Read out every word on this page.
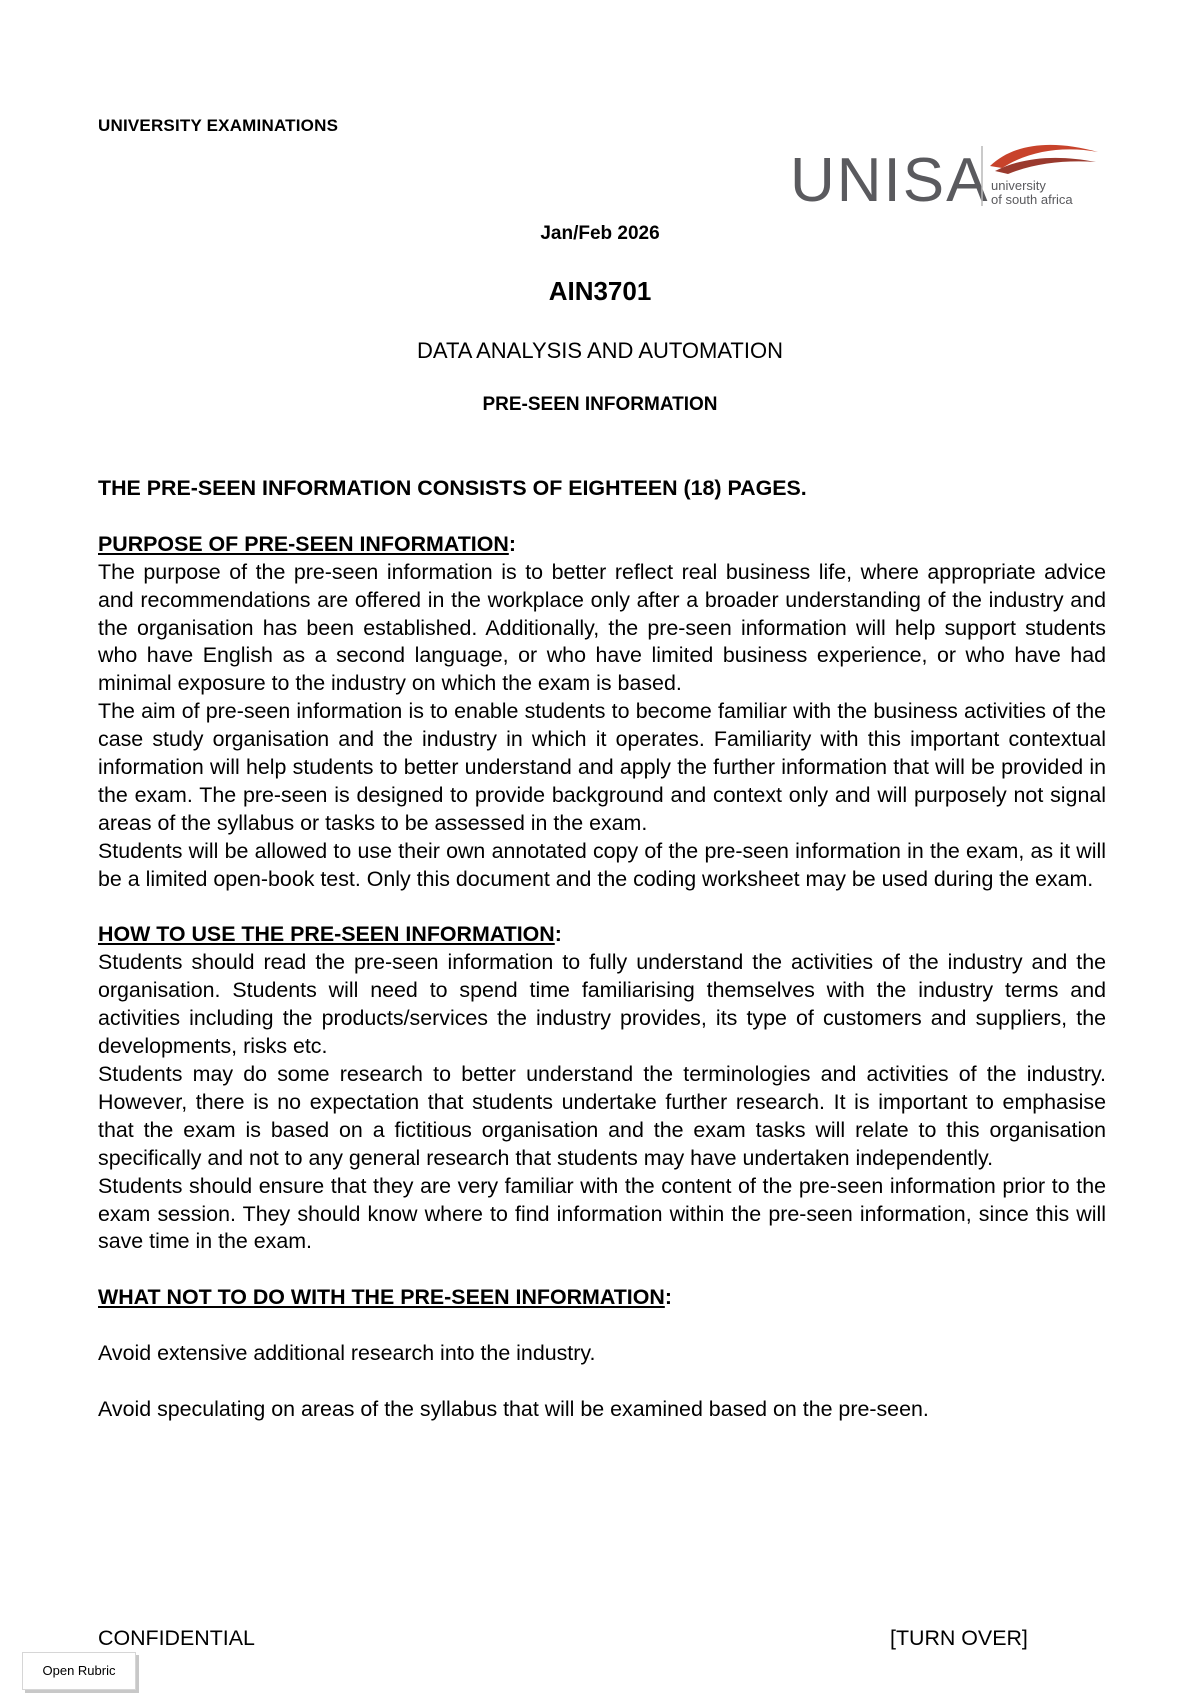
UNIVERSITY EXAMINATIONS
UNISA university
of south africa
Jan/Feb 2026
AIN3701
DATA ANALYSIS AND AUTOMATION
PRE-SEEN INFORMATION

THE PRE-SEEN INFORMATION CONSISTS OF EIGHTEEN (18) PAGES.

PURPOSE OF PRE-SEEN INFORMATION:

The purpose of the pre-seen information is to better reflect real business life, where appropriate advice and recommendations are offered in the workplace only after a broader understanding of the industry and the organisation has been established. Additionally, the pre-seen information will help support students who have English as a second language, or who have limited business experience, or who have had minimal exposure to the industry on which the exam is based.

The aim of pre-seen information is to enable students to become familiar with the business activities of the case study organisation and the industry in which it operates. Familiarity with this important contextual information will help students to better understand and apply the further information that will be provided in the exam. The pre-seen is designed to provide background and context only and will purposely not signal areas of the syllabus or tasks to be assessed in the exam.

Students will be allowed to use their own annotated copy of the pre-seen information in the exam, as it will be a limited open-book test. Only this document and the coding worksheet may be used during the exam.

HOW TO USE THE PRE-SEEN INFORMATION:

Students should read the pre-seen information to fully understand the activities of the industry and the organisation. Students will need to spend time familiarising themselves with the industry terms and activities including the products/services the industry provides, its type of customers and suppliers, the developments, risks etc.

Students may do some research to better understand the terminologies and activities of the industry. However, there is no expectation that students undertake further research. It is important to emphasise that the exam is based on a fictitious organisation and the exam tasks will relate to this organisation specifically and not to any general research that students may have undertaken independently.

Students should ensure that they are very familiar with the content of the pre-seen information prior to the exam session. They should know where to find information within the pre-seen information, since this will save time in the exam.

WHAT NOT TO DO WITH THE PRE-SEEN INFORMATION:

Avoid extensive additional research into the industry.

Avoid speculating on areas of the syllabus that will be examined based on the pre-seen.

CONFIDENTIAL	[TURN OVER]
Open Rubric
